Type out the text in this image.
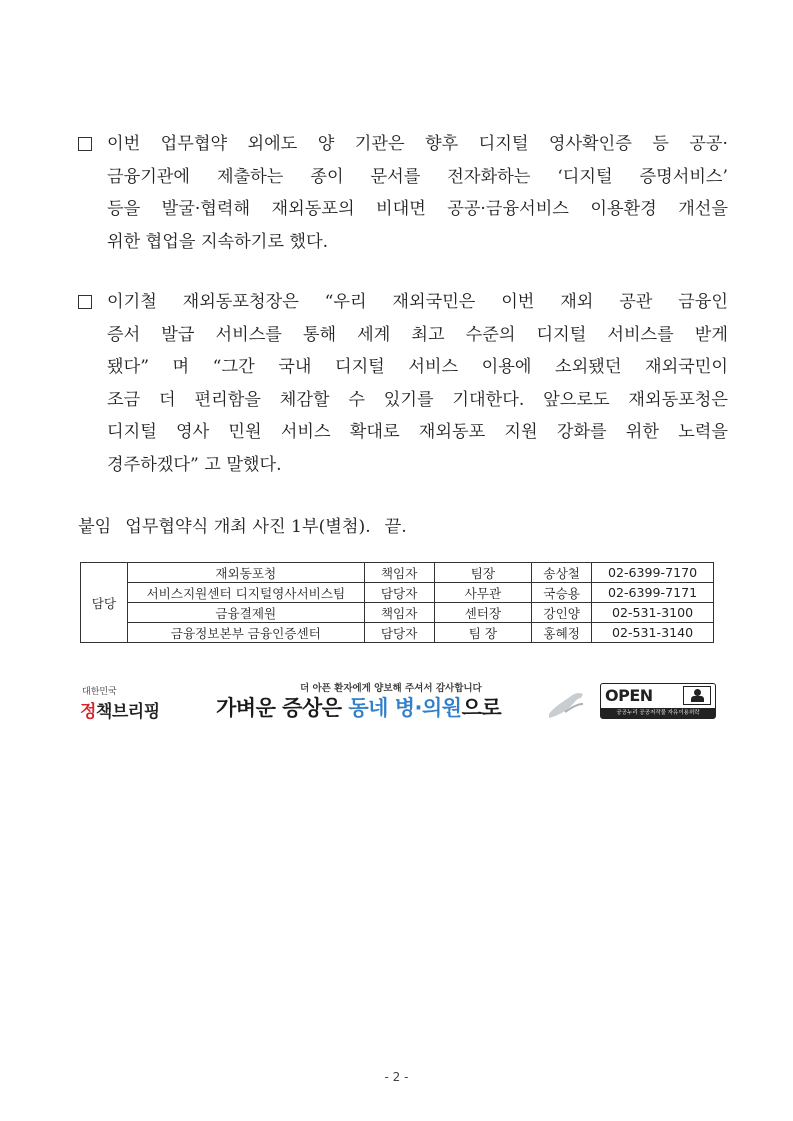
이번 업무협약 외에도 양 기관은 향후 디지털 영사확인증 등 공공·
금융기관에 제출하는 종이 문서를 전자화하는 ‘디지털 증명서비스’
등을 발굴·협력해 재외동포의 비대면 공공·금융서비스 이용환경 개선을
위한 협업을 지속하기로 했다.
이기철 재외동포청장은 “우리 재외국민은 이번 재외 공관 금융인
증서 발급 서비스를 통해 세계 최고 수준의 디지털 서비스를 받게
됐다” 며 “그간 국내 디지털 서비스 이용에 소외됐던 재외국민이
조금 더 편리함을 체감할 수 있기를 기대한다. 앞으로도 재외동포청은
디지털 영사 민원 서비스 확대로 재외동포 지원 강화를 위한 노력을
경주하겠다” 고 말했다.
붙임 업무협약식 개최 사진 1부(별첨). 끝.
담당	재외동포청	책임자	팀장	송상철	02-6399-7170
	서비스지원센터 디지털영사서비스팀	담당자	사무관	국승용	02-6399-7171
	금융결제원	책임자	센터장	강인양	02-531-3100
	금융정보본부 금융인증센터	담당자	팀 장	홍혜정	02-531-3140
대한민국
정책브리핑
더 아픈 환자에게 양보해 주셔서 감사합니다
가벼운 증상은 동네 병·의원으로
OPEN
공공누리 공공저작물 자유이용허락
- 2 -
